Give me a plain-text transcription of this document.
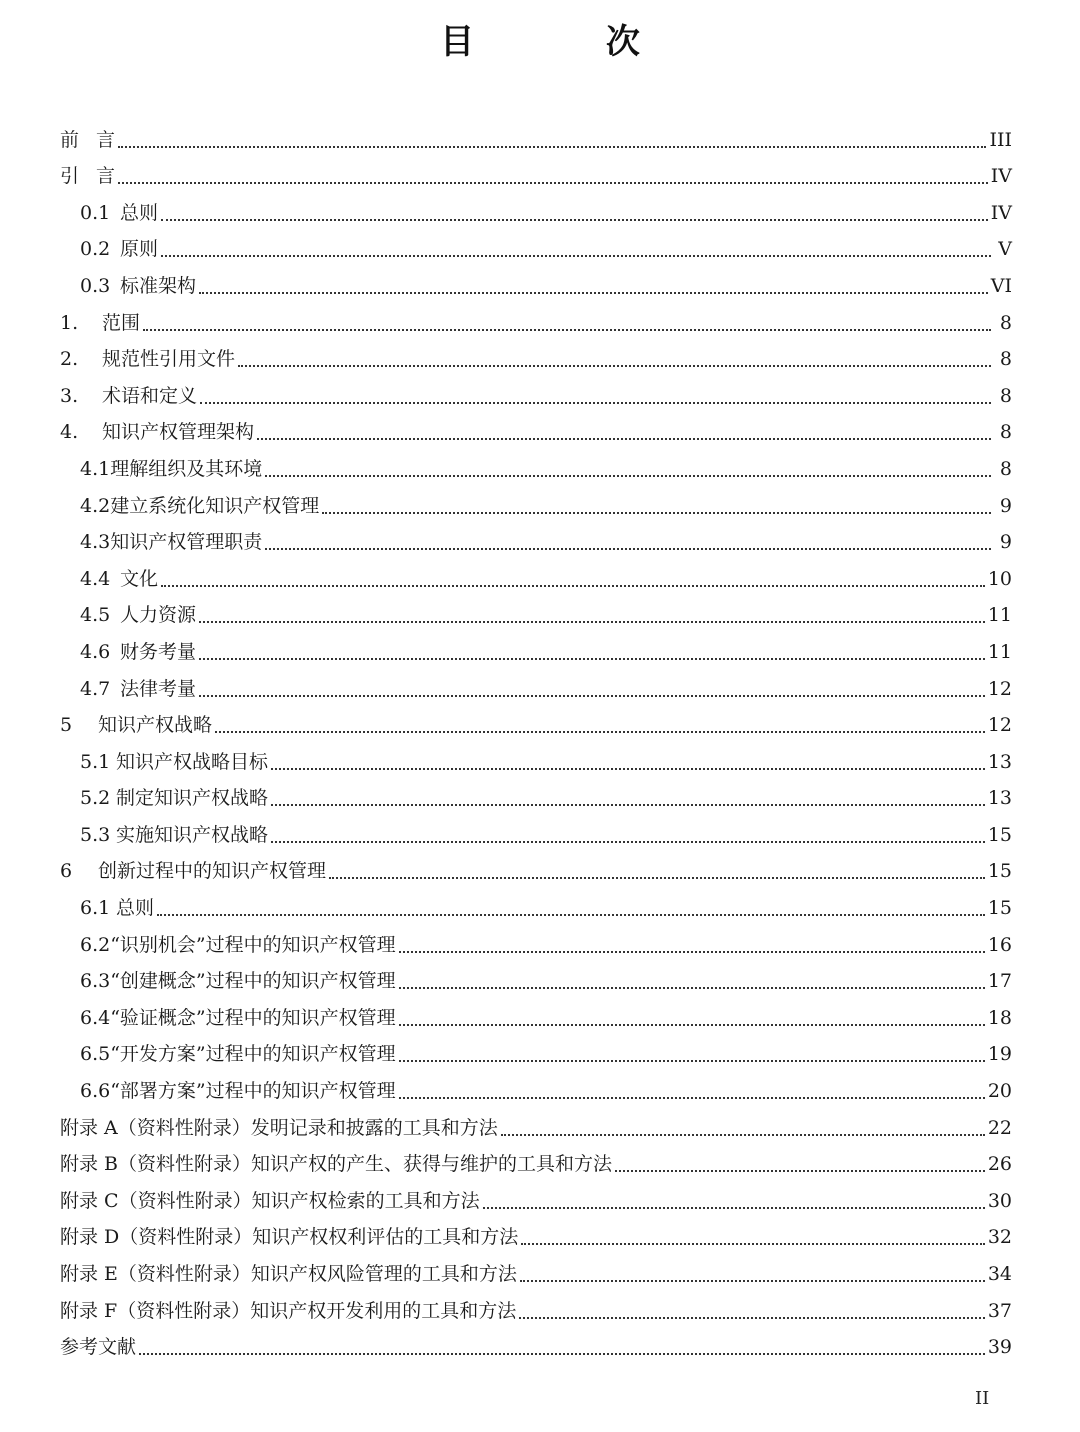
目 次
前 言	III
引 言	IV
0.1 总则	IV
0.2 原则	V
0.3 标准架构	VI
1. 范围	8
2. 规范性引用文件	8
3. 术语和定义	8
4. 知识产权管理架构	8
4.1理解组织及其环境	8
4.2建立系统化知识产权管理	9
4.3知识产权管理职责	9
4.4 文化	10
4.5 人力资源	11
4.6 财务考量	11
4.7 法律考量	12
5 知识产权战略	12
5.1 知识产权战略目标	13
5.2 制定知识产权战略	13
5.3 实施知识产权战略	15
6 创新过程中的知识产权管理	15
6.1 总则	15
6.2“识别机会”过程中的知识产权管理	16
6.3“创建概念”过程中的知识产权管理	17
6.4“验证概念”过程中的知识产权管理	18
6.5“开发方案”过程中的知识产权管理	19
6.6“部署方案”过程中的知识产权管理	20
附录 A（资料性附录）发明记录和披露的工具和方法	22
附录 B（资料性附录）知识产权的产生、获得与维护的工具和方法	26
附录 C（资料性附录）知识产权检索的工具和方法	30
附录 D（资料性附录）知识产权权利评估的工具和方法	32
附录 E（资料性附录）知识产权风险管理的工具和方法	34
附录 F（资料性附录）知识产权开发利用的工具和方法	37
参考文献	39
II
